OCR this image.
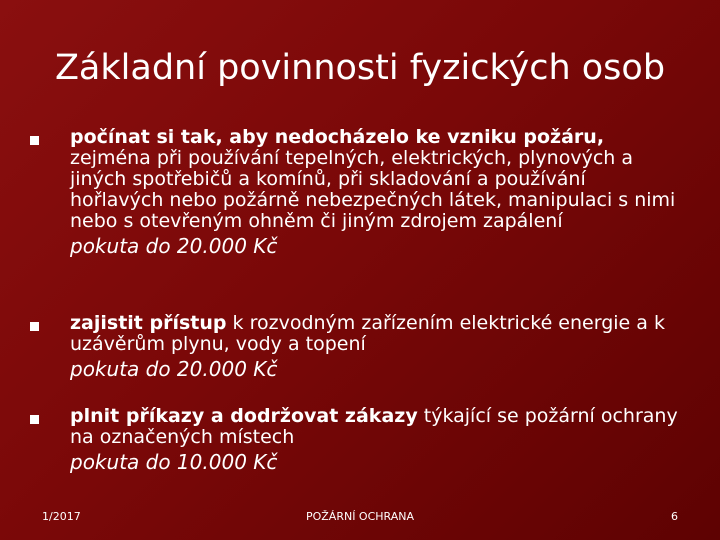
Základní povinnosti fyzických osob
počínat si tak, aby nedocházelo ke vzniku požáru, zejména při používání tepelných, elektrických, plynových a jiných spotřebičů a komínů, při skladování a používání hořlavých nebo požárně nebezpečných látek, manipulaci s nimi nebo s otevřeným ohněm či jiným zdrojem zapálení
pokuta do 20.000 Kč
zajistit přístup k rozvodným zařízením elektrické energie a k uzávěrům plynu, vody a topení
pokuta do 20.000 Kč
plnit příkazy a dodržovat zákazy týkající se požární ochrany na označených místech
pokuta do 10.000 Kč
1/2017	POŽÁRNÍ OCHRANA	6
